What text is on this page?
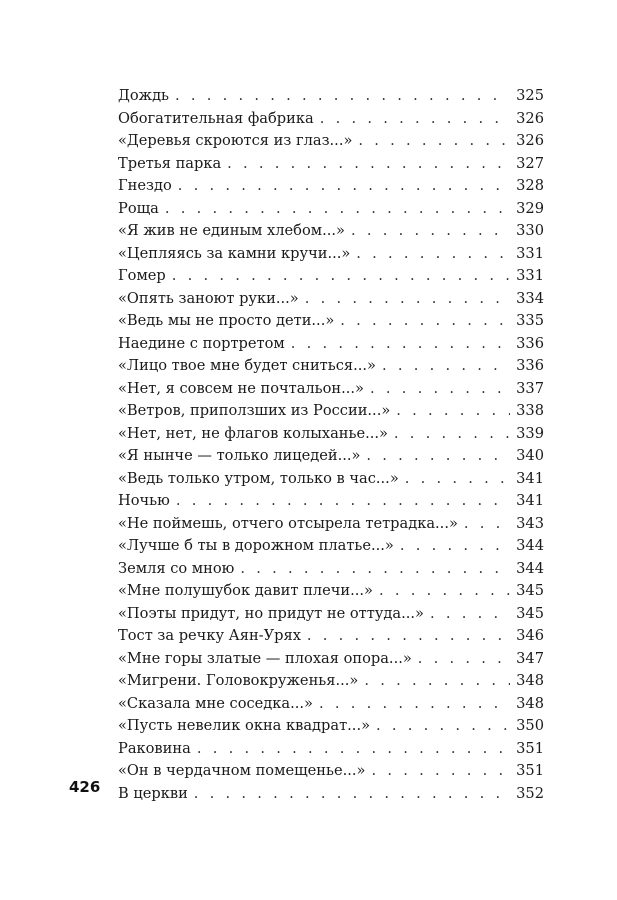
Дождь . . .	325
Обогатительная фабрика . . .	326
«Деревья скроются из глаз...» . . .	326
Третья парка . . .	327
Гнездо . . .	328
Роща . . .	329
«Я жив не единым хлебом...» . . .	330
«Цепляясь за камни кручи...» . . .	331
Гомер . . .	331
«Опять заноют руки...» . . .	334
«Ведь мы не просто дети...» . . .	335
Наедине с портретом . . .	336
«Лицо твое мне будет сниться...» . . .	336
«Нет, я совсем не почтальон...» . . .	337
«Ветров, приползших из России...» . . .	338
«Нет, нет, не флагов колыханье...» . . .	339
«Я нынче — только лицедей...» . . .	340
«Ведь только утром, только в час...» . . .	341
Ночью . . .	341
«Не поймешь, отчего отсырела тетрадка...» . . .	343
«Лучше б ты в дорожном платье...» . . .	344
Земля со мною . . .	344
«Мне полушубок давит плечи...» . . .	345
«Поэты придут, но придут не оттуда...» . . .	345
Тост за речку Аян-Урях . . .	346
«Мне горы златые — плохая опора...» . . .	347
«Мигрени. Головокруженья...» . . .	348
«Сказала мне соседка...» . . .	348
«Пусть невелик окна квадрат...» . . .	350
Раковина . . .	351
«Он в чердачном помещенье...» . . .	351
В церкви . . .	352
426
